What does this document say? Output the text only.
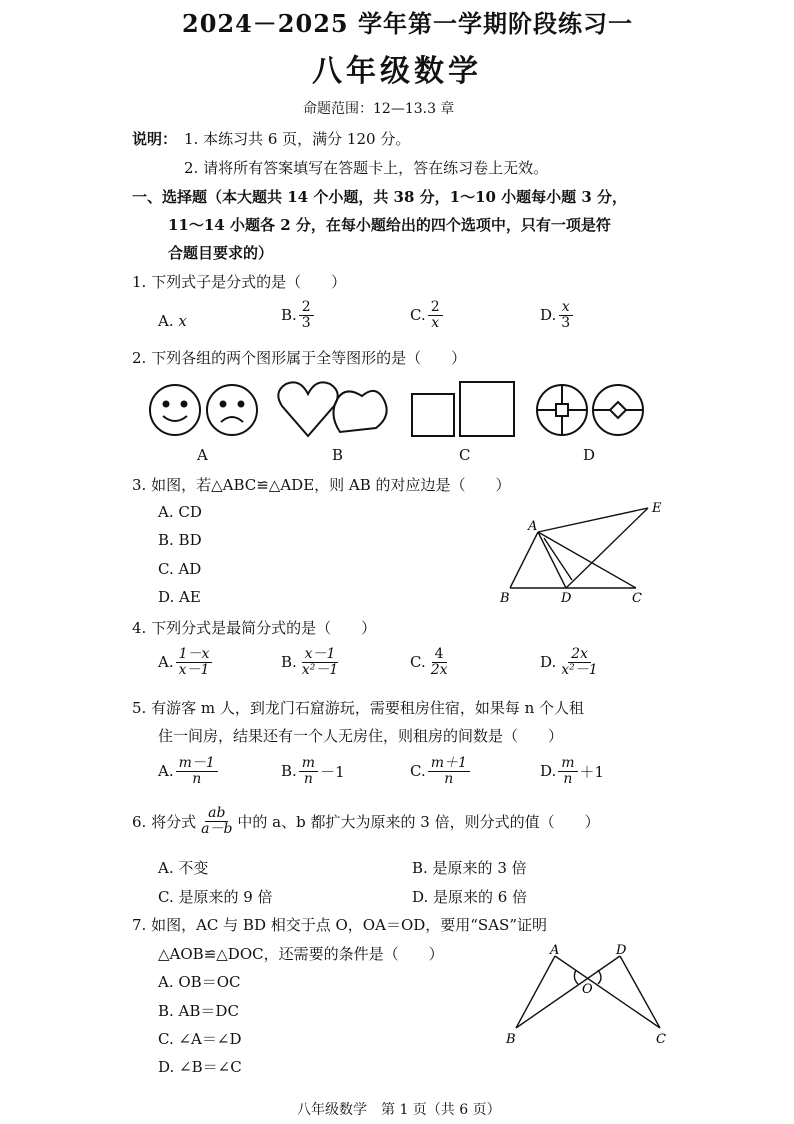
2024－2025 学年第一学期阶段练习一
八年级数学
命题范围：12—13.3 章
说明： 1. 本练习共 6 页，满分 120 分。
2. 请将所有答案填写在答题卡上，答在练习卷上无效。
一、选择题（本大题共 14 个小题，共 38 分，1～10 小题每小题 3 分，
11～14 小题各 2 分，在每小题给出的四个选项中，只有一项是符
合题目要求的）
1. 下列式子是分式的是（　　）
A.
x	B. $\frac{2}{3}$	C. $\frac{2}{x}$	D. $\frac{x}{3}$
2. 下列各组的两个图形属于全等图形的是（　　）
A	B	C	D
3. 如图，若△ABC≌△ADE，则 AB 的对应边是（　　）
A. CD
B. BD
C. AD
D. AE
A
B	C
D
E
4. 下列分式是最简分式的是（　　）
A. $\frac{1-x}{x-1}$	B. $\frac{x-1}{\text{x²－1}}$	C. $\frac{4}{2x}$	D. $\frac{2x}{\text{x²－1}}$
5. 有游客 m 人，到龙门石窟游玩，需要租房住宿，如果每 n 个人租
住一间房，结果还有一个人无房住，则租房的间数是（　　）
A. $\frac{m-1}{n}$	B. $\frac{m}{n} -1$	C. $\frac{m+1}{n}$	D. $\frac{m}{n} +1$
6. 将分式 $\frac{ab}{a-b}$ 中的 a、b 都扩大为原来的 3 倍，则分式的值（　　）
A. 不变	B. 是原来的 3 倍
C. 是原来的 9 倍	D. 是原来的 6 倍
7. 如图，AC 与 BD 相交于点 O，OA＝OD，要用“SAS”证明
△AOB≌△DOC，还需要的条件是（　　）
A. OB＝OC
B. AB＝DC
C. ∠A＝∠D
D. ∠B＝∠C
A	D
O
B	C
八年级数学　第 1 页（共 6 页）
